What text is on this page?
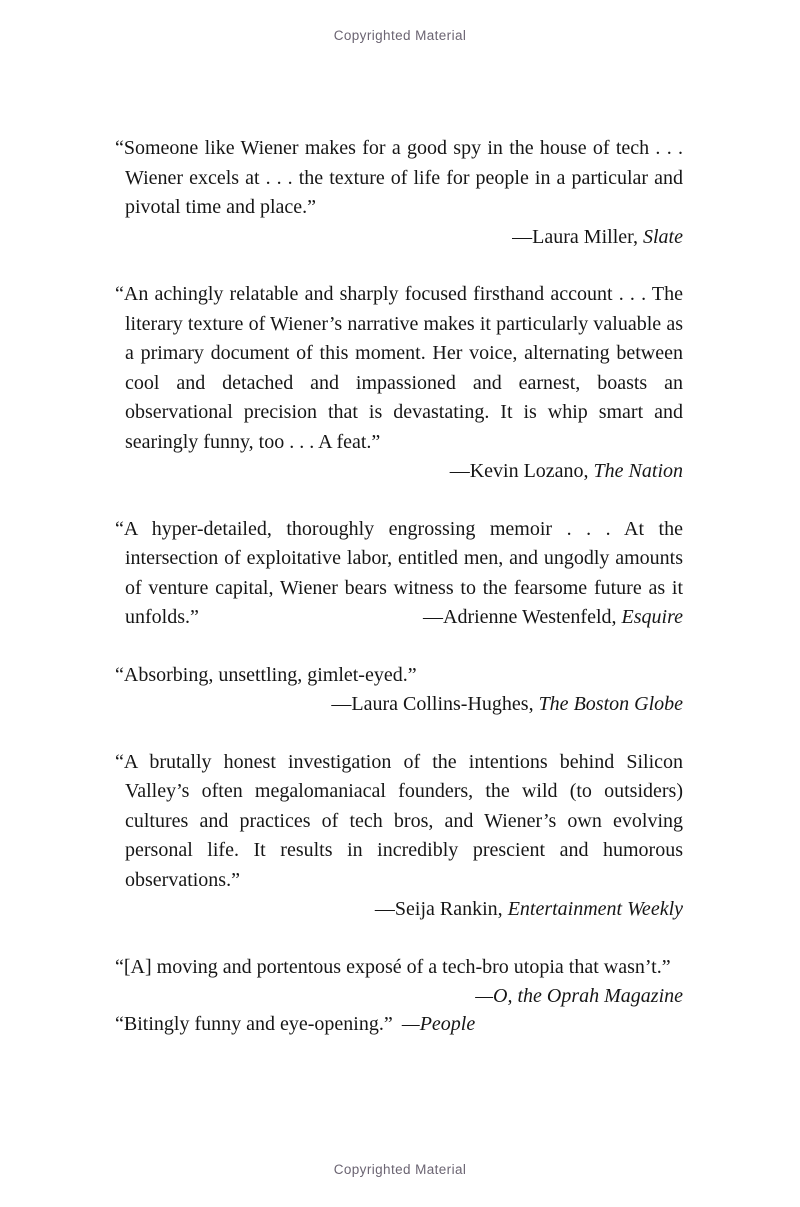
Copyrighted Material

“Someone like Wiener makes for a good spy in the house of tech . . . Wiener excels at . . . the texture of life for people in a particular and pivotal time and place.”

—Laura Miller, Slate

“An achingly relatable and sharply focused firsthand account . . . The literary texture of Wiener’s narrative makes it particularly valuable as a primary document of this moment. Her voice, alternating between cool and detached and impassioned and earnest, boasts an observational precision that is devastating. It is whip smart and searingly funny, too . . . A feat.”

—Kevin Lozano, The Nation

“A hyper-detailed, thoroughly engrossing memoir . . . At the intersection of exploitative labor, entitled men, and ungodly amounts of venture capital, Wiener bears witness to the fearsome future as it unfolds.”	—Adrienne Westenfeld, Esquire

“Absorbing, unsettling, gimlet-eyed.”

—Laura Collins-Hughes, The Boston Globe

“A brutally honest investigation of the intentions behind Silicon Valley’s often megalomaniacal founders, the wild (to outsiders) cultures and practices of tech bros, and Wiener’s own evolving personal life. It results in incredibly prescient and humorous observations.”

—Seija Rankin, Entertainment Weekly

“[A] moving and portentous exposé of a tech-bro utopia that wasn’t.”
—O, the Oprah Magazine

“Bitingly funny and eye-opening.” —People

Copyrighted Material
